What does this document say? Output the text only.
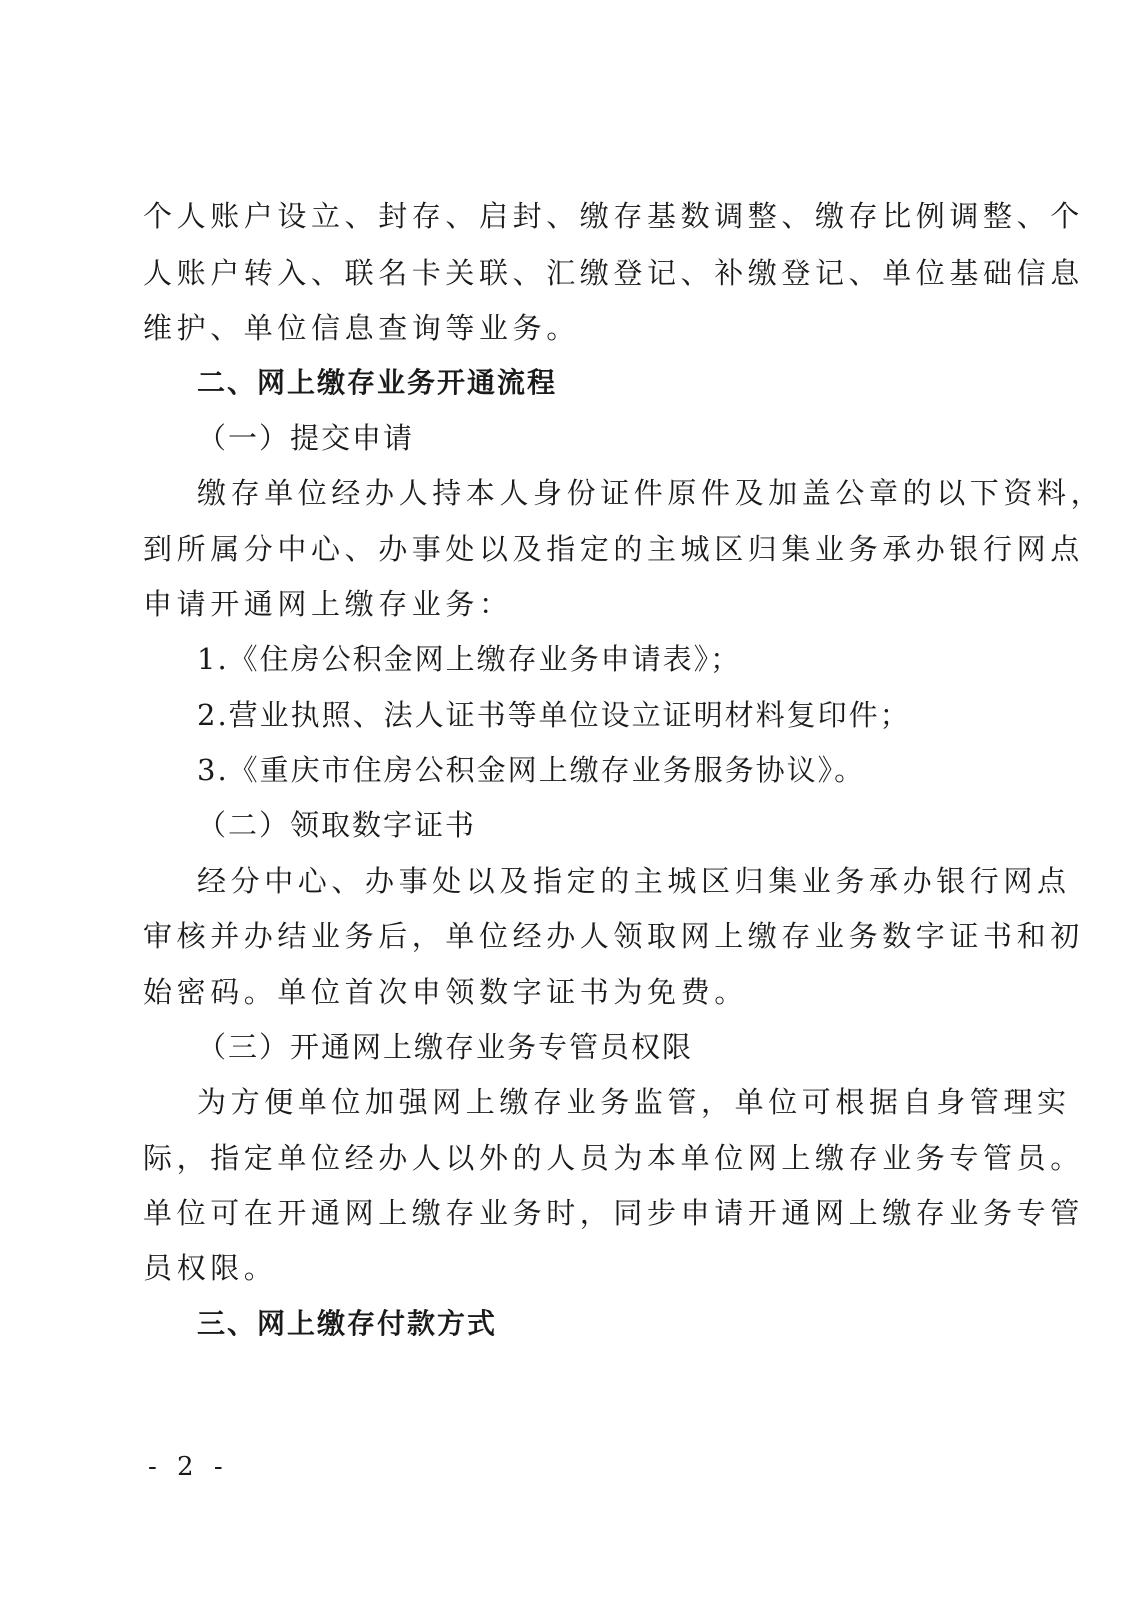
个人账户设立、封存、启封、缴存基数调整、缴存比例调整、个
人账户转入、联名卡关联、汇缴登记、补缴登记、单位基础信息
维护、单位信息查询等业务。
二、网上缴存业务开通流程
（一）提交申请
缴存单位经办人持本人身份证件原件及加盖公章的以下资料，
到所属分中心、办事处以及指定的主城区归集业务承办银行网点
申请开通网上缴存业务：
1.《住房公积金网上缴存业务申请表》；
2.营业执照、法人证书等单位设立证明材料复印件；
3.《重庆市住房公积金网上缴存业务服务协议》。
（二）领取数字证书
经分中心、办事处以及指定的主城区归集业务承办银行网点
审核并办结业务后，单位经办人领取网上缴存业务数字证书和初
始密码。单位首次申领数字证书为免费。
（三）开通网上缴存业务专管员权限
为方便单位加强网上缴存业务监管，单位可根据自身管理实
际，指定单位经办人以外的人员为本单位网上缴存业务专管员。
单位可在开通网上缴存业务时，同步申请开通网上缴存业务专管
员权限。
三、网上缴存付款方式
- 2 -
